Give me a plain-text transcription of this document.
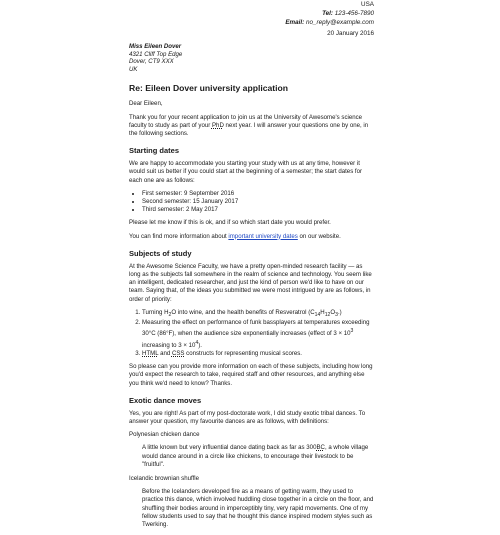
USA
Tel: 123-456-7890
Email: no_reply@example.com
20 January 2016
Miss Eileen Dover
4321 Cliff Top Edge
Dover, CT9 XXX
UK
Re: Eileen Dover university application

Dear Eileen,

Thank you for your recent application to join us at the University of Awesome's science faculty to study as part of your PhD next year. I will answer your questions one by one, in the following sections.

Starting dates

We are happy to accommodate you starting your study with us at any time, however it would suit us better if you could start at the beginning of a semester; the start dates for each one are as follows:

• First semester: 9 September 2016
• Second semester: 15 January 2017
• Third semester: 2 May 2017

Please let me know if this is ok, and if so which start date you would prefer.

You can find more information about important university dates on our website.

Subjects of study

At the Awesome Science Faculty, we have a pretty open-minded research facility — as long as the subjects fall somewhere in the realm of science and technology. You seem like an intelligent, dedicated researcher, and just the kind of person we'd like to have on our team. Saying that, of the ideas you submitted we were most intrigued by are as follows, in order of priority:

1. Turning $H_2O$ into wine, and the health benefits of Resveratrol $(C_{14}H_{12}O_3.)$
2. Measuring the effect on performance of funk bassplayers at temperatures exceeding 30°C (86°F), when the audience size exponentially increases (effect of $3 \times 10^3$ increasing to $3 \times 10^4$).
3. HTML and CSS constructs for representing musical scores.

So please can you provide more information on each of these subjects, including how long you'd expect the research to take, required staff and other resources, and anything else you think we'd need to know? Thanks.

Exotic dance moves

Yes, you are right! As part of my post-doctorate work, I did study exotic tribal dances. To answer your question, my favourite dances are as follows, with definitions:

Polynesian chicken dance

A little known but very influential dance dating back as far as 300BC, a whole village would dance around in a circle like chickens, to encourage their livestock to be "fruitful".

Icelandic brownian shuffle

Before the Icelanders developed fire as a means of getting warm, they used to practice this dance, which involved huddling close together in a circle on the floor, and shuffling their bodies around in imperceptibly tiny, very rapid movements. One of my fellow students used to say that he thought this dance inspired modern styles such as Twerking.
